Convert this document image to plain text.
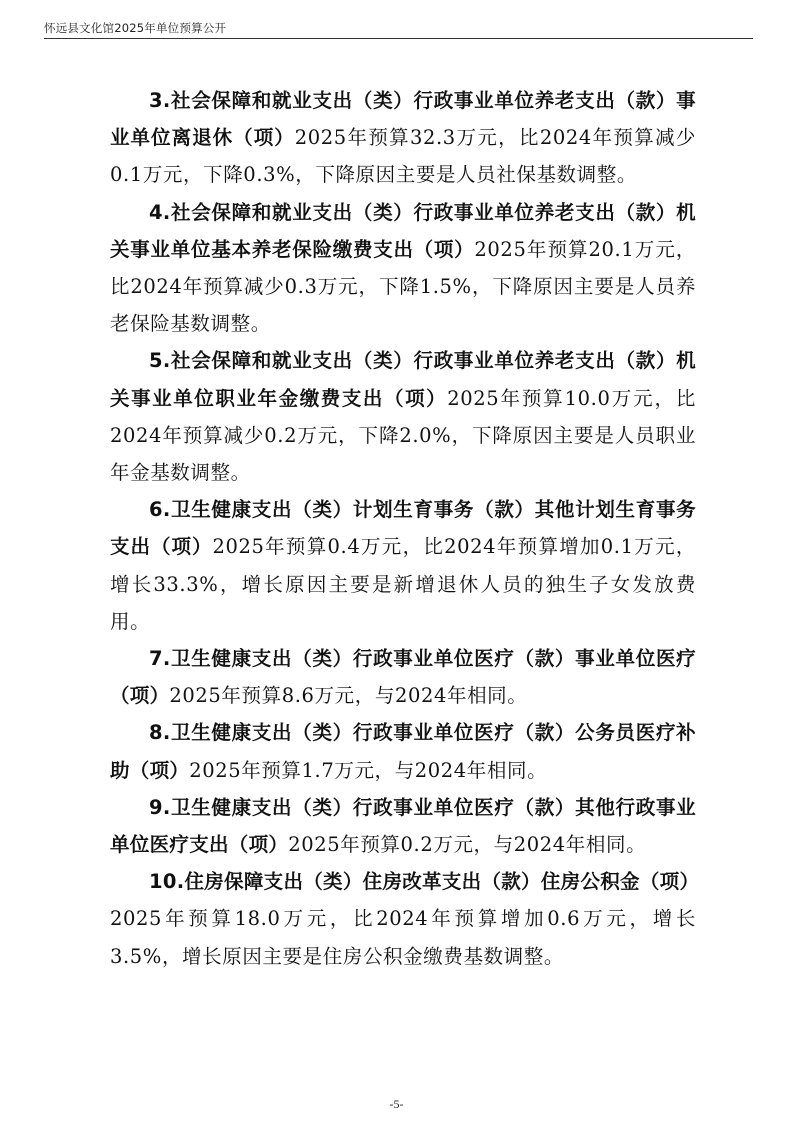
怀远县文化馆2025年单位预算公开

3.社会保障和就业支出（类）行政事业单位养老支出（款）事业单位离退休（项）2025年预算32.3万元，比2024年预算减少0.1万元，下降0.3%，下降原因主要是人员社保基数调整。

4.社会保障和就业支出（类）行政事业单位养老支出（款）机关事业单位基本养老保险缴费支出（项）2025年预算20.1万元，比2024年预算减少0.3万元，下降1.5%，下降原因主要是人员养老保险基数调整。

5.社会保障和就业支出（类）行政事业单位养老支出（款）机关事业单位职业年金缴费支出（项）2025年预算10.0万元，比2024年预算减少0.2万元，下降2.0%，下降原因主要是人员职业年金基数调整。

6.卫生健康支出（类）计划生育事务（款）其他计划生育事务支出（项）2025年预算0.4万元，比2024年预算增加0.1万元，增长33.3%，增长原因主要是新增退休人员的独生子女发放费用。

7.卫生健康支出（类）行政事业单位医疗（款）事业单位医疗（项）2025年预算8.6万元，与2024年相同。

8.卫生健康支出（类）行政事业单位医疗（款）公务员医疗补助（项）2025年预算1.7万元，与2024年相同。

9.卫生健康支出（类）行政事业单位医疗（款）其他行政事业单位医疗支出（项）2025年预算0.2万元，与2024年相同。

10.住房保障支出（类）住房改革支出（款）住房公积金（项）2025年预算18.0万元，比2024年预算增加0.6万元，增长3.5%，增长原因主要是住房公积金缴费基数调整。

-5-
